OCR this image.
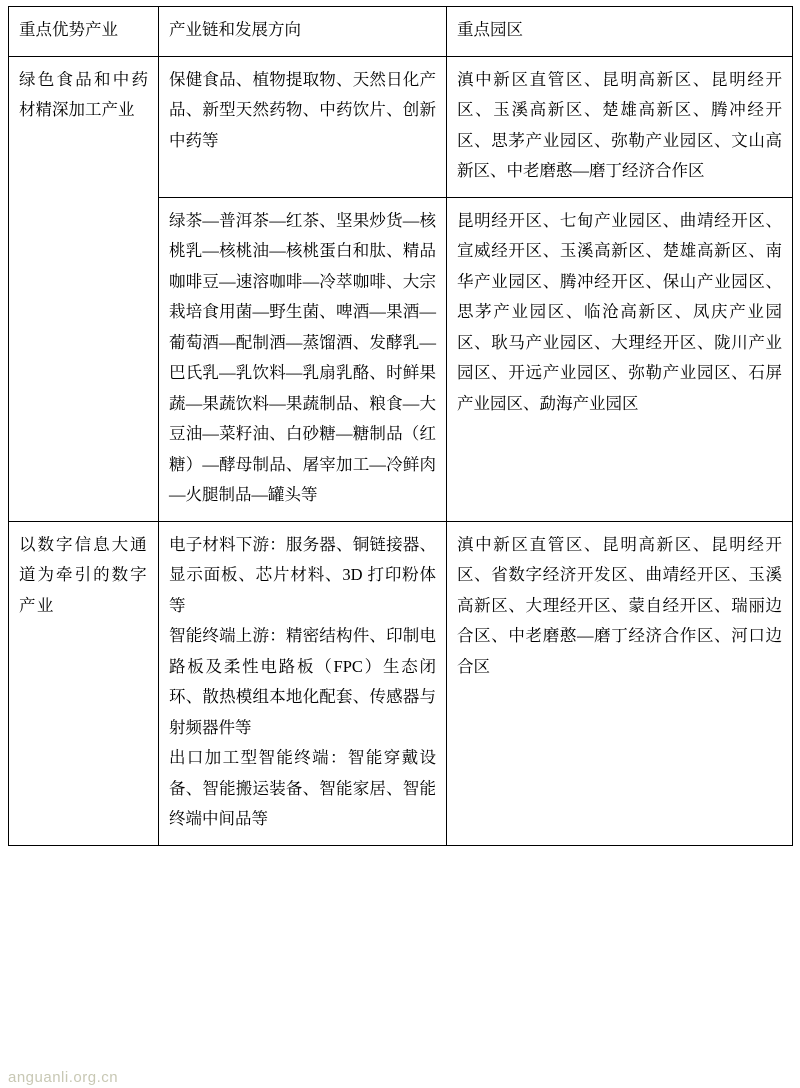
重点优势产业	产业链和发展方向	重点园区

绿色食品和中药材精深加工产业	保健食品、植物提取物、天然日化产品、新型天然药物、中药饮片、创新中药等	滇中新区直管区、昆明高新区、昆明经开区、玉溪高新区、楚雄高新区、腾冲经开区、思茅产业园区、弥勒产业园区、文山高新区、中老磨憨—磨丁经济合作区

	绿茶—普洱茶—红茶、坚果炒货—核桃乳—核桃油—核桃蛋白和肽、精品咖啡豆—速溶咖啡—冷萃咖啡、大宗栽培食用菌—野生菌、啤酒—果酒—葡萄酒—配制酒—蒸馏酒、发酵乳—巴氏乳—乳饮料—乳扇乳酪、时鲜果蔬—果蔬饮料—果蔬制品、粮食—大豆油—菜籽油、白砂糖—糖制品（红糖）—酵母制品、屠宰加工—冷鲜肉—火腿制品—罐头等	昆明经开区、七甸产业园区、曲靖经开区、宣威经开区、玉溪高新区、楚雄高新区、南华产业园区、腾冲经开区、保山产业园区、思茅产业园区、临沧高新区、凤庆产业园区、耿马产业园区、大理经开区、陇川产业园区、开远产业园区、弥勒产业园区、石屏产业园区、勐海产业园区

以数字信息大通道为牵引的数字产业	电子材料下游：服务器、铜链接器、显示面板、芯片材料、3D 打印粉体等
智能终端上游：精密结构件、印制电路板及柔性电路板（FPC）生态闭环、散热模组本地化配套、传感器与射频器件等
出口加工型智能终端：智能穿戴设备、智能搬运装备、智能家居、智能终端中间品等	滇中新区直管区、昆明高新区、昆明经开区、省数字经济开发区、曲靖经开区、玉溪高新区、大理经开区、蒙自经开区、瑞丽边合区、中老磨憨—磨丁经济合作区、河口边合区
anguanli.org.cn
